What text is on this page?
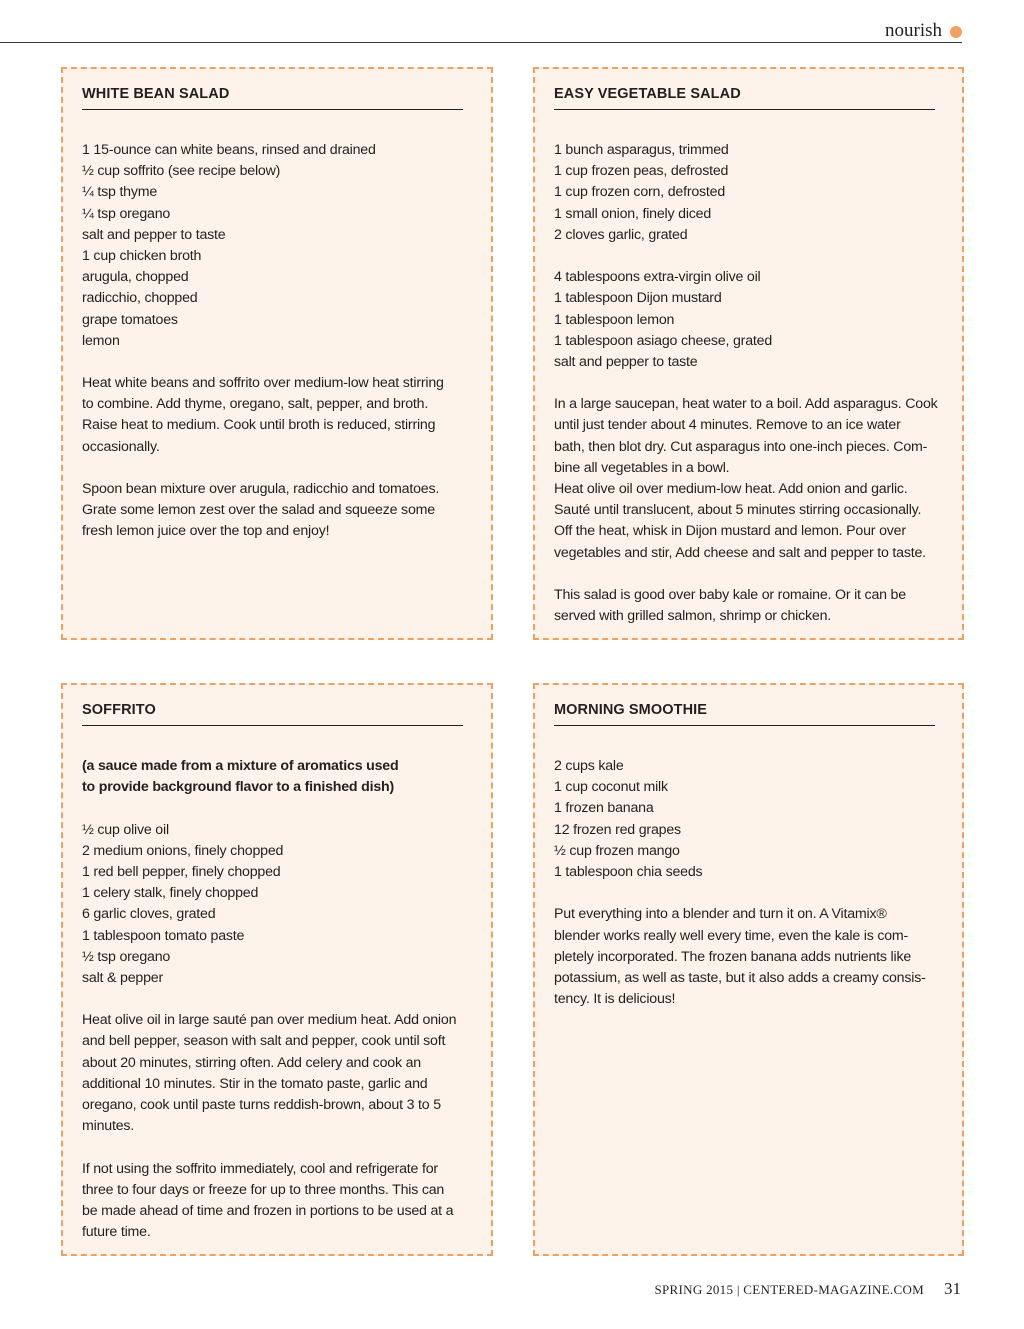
nourish
WHITE BEAN SALAD
1 15-ounce can white beans, rinsed and drained
½ cup soffrito (see recipe below)
¼ tsp thyme
¼ tsp oregano
salt and pepper to taste
1 cup chicken broth
arugula, chopped
radicchio, chopped
grape tomatoes
lemon
Heat white beans and soffrito over medium-low heat stirring
to combine. Add thyme, oregano, salt, pepper, and broth.
Raise heat to medium. Cook until broth is reduced, stirring
occasionally.
Spoon bean mixture over arugula, radicchio and tomatoes.
Grate some lemon zest over the salad and squeeze some
fresh lemon juice over the top and enjoy!
EASY VEGETABLE SALAD
1 bunch asparagus, trimmed
1 cup frozen peas, defrosted
1 cup frozen corn, defrosted
1 small onion, finely diced
2 cloves garlic, grated
4 tablespoons extra-virgin olive oil
1 tablespoon Dijon mustard
1 tablespoon lemon
1 tablespoon asiago cheese, grated
salt and pepper to taste
In a large saucepan, heat water to a boil. Add asparagus. Cook
until just tender about 4 minutes. Remove to an ice water
bath, then blot dry. Cut asparagus into one-inch pieces. Com-
bine all vegetables in a bowl.
Heat olive oil over medium-low heat. Add onion and garlic.
Sauté until translucent, about 5 minutes stirring occasionally.
Off the heat, whisk in Dijon mustard and lemon. Pour over
vegetables and stir, Add cheese and salt and pepper to taste.
This salad is good over baby kale or romaine. Or it can be
served with grilled salmon, shrimp or chicken.
SOFFRITO
(a sauce made from a mixture of aromatics used
to provide background flavor to a finished dish)
½ cup olive oil
2 medium onions, finely chopped
1 red bell pepper, finely chopped
1 celery stalk, finely chopped
6 garlic cloves, grated
1 tablespoon tomato paste
½ tsp oregano
salt & pepper
Heat olive oil in large sauté pan over medium heat. Add onion
and bell pepper, season with salt and pepper, cook until soft
about 20 minutes, stirring often. Add celery and cook an
additional 10 minutes. Stir in the tomato paste, garlic and
oregano, cook until paste turns reddish-brown, about 3 to 5
minutes.
If not using the soffrito immediately, cool and refrigerate for
three to four days or freeze for up to three months. This can
be made ahead of time and frozen in portions to be used at a
future time.
MORNING SMOOTHIE
2 cups kale
1 cup coconut milk
1 frozen banana
12 frozen red grapes
½ cup frozen mango
1 tablespoon chia seeds
Put everything into a blender and turn it on. A Vitamix®
blender works really well every time, even the kale is com-
pletely incorporated. The frozen banana adds nutrients like
potassium, as well as taste, but it also adds a creamy consis-
tency. It is delicious!
SPRING 2015 | CENTERED-MAGAZINE.COM 31
